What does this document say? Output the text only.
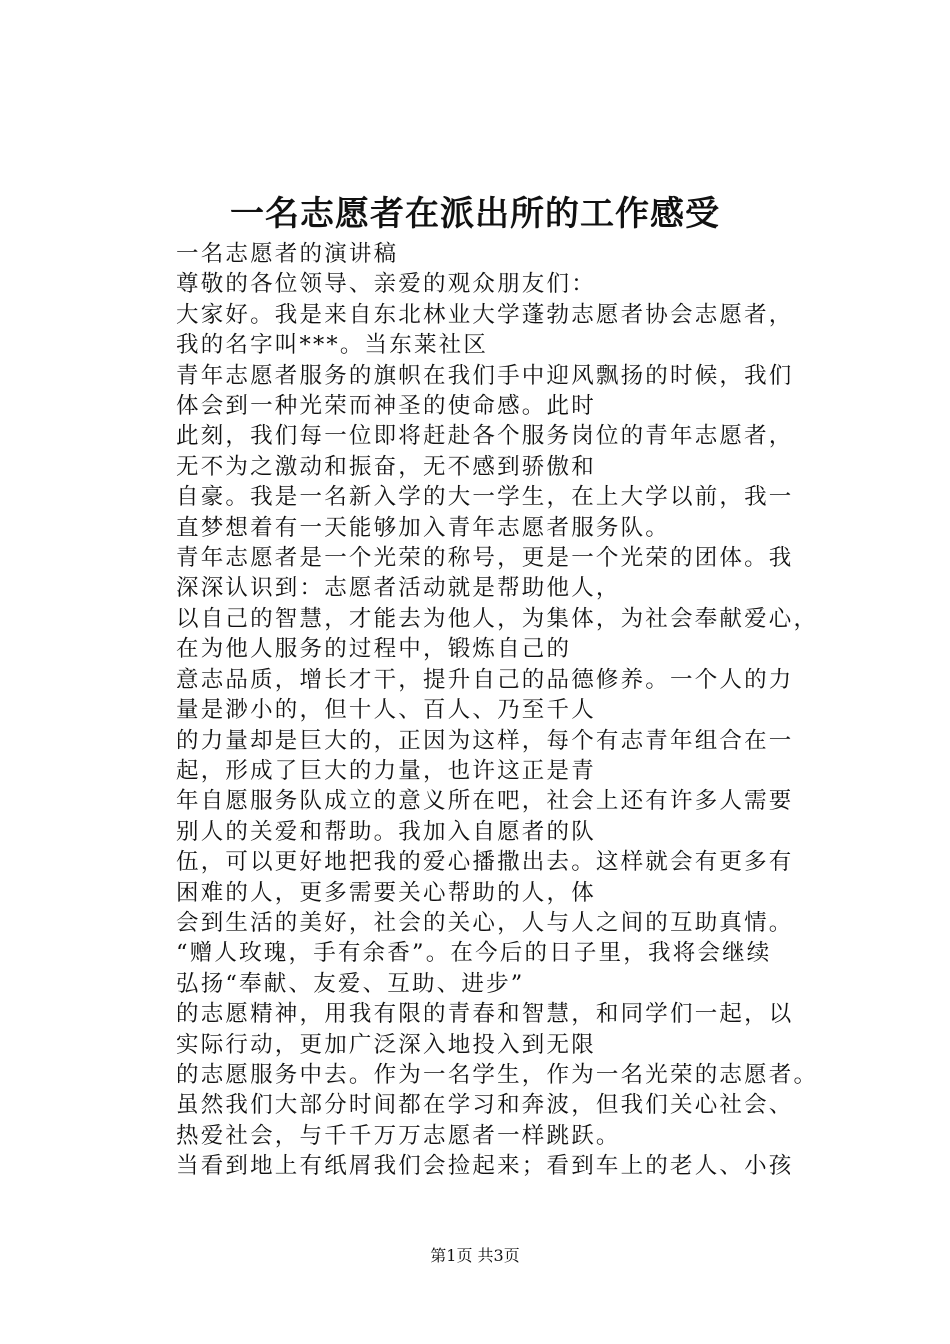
一名志愿者在派出所的工作感受

一名志愿者的演讲稿

尊敬的各位领导、亲爱的观众朋友们：

大家好。我是来自东北林业大学蓬勃志愿者协会志愿者，
我的名字叫***。当东莱社区

青年志愿者服务的旗帜在我们手中迎风飘扬的时候，我们
体会到一种光荣而神圣的使命感。此时

此刻，我们每一位即将赶赴各个服务岗位的青年志愿者，
无不为之激动和振奋，无不感到骄傲和

自豪。我是一名新入学的大一学生，在上大学以前，我一
直梦想着有一天能够加入青年志愿者服务队。

青年志愿者是一个光荣的称号，更是一个光荣的团体。我
深深认识到：志愿者活动就是帮助他人，

以自己的智慧，才能去为他人，为集体，为社会奉献爱心，
在为他人服务的过程中，锻炼自己的

意志品质，增长才干，提升自己的品德修养。一个人的力
量是渺小的，但十人、百人、乃至千人

的力量却是巨大的，正因为这样，每个有志青年组合在一
起，形成了巨大的力量，也许这正是青

年自愿服务队成立的意义所在吧，社会上还有许多人需要
别人的关爱和帮助。我加入自愿者的队

伍，可以更好地把我的爱心播撒出去。这样就会有更多有
困难的人，更多需要关心帮助的人，体

会到生活的美好，社会的关心，人与人之间的互助真情。

“赠人玫瑰，手有余香”。在今后的日子里，我将会继续
弘扬“奉献、友爱、互助、进步”

的志愿精神，用我有限的青春和智慧，和同学们一起，以
实际行动，更加广泛深入地投入到无限

的志愿服务中去。作为一名学生，作为一名光荣的志愿者。
虽然我们大部分时间都在学习和奔波，但我们关心社会、

热爱社会，与千千万万志愿者一样跳跃。

当看到地上有纸屑我们会捡起来；看到车上的老人、小孩

第1页 共3页
